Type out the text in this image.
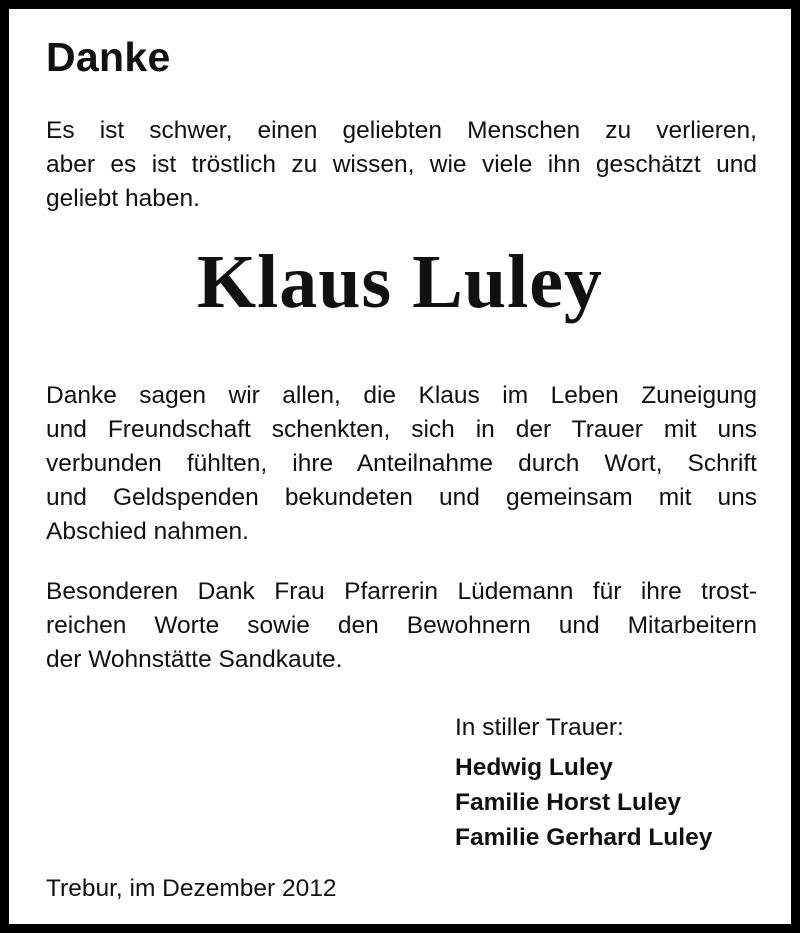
Danke

Es ist schwer, einen geliebten Menschen zu verlieren,
aber es ist tröstlich zu wissen, wie viele ihn geschätzt und
geliebt haben.

Klaus Luley

Danke sagen wir allen, die Klaus im Leben Zuneigung
und Freundschaft schenkten, sich in der Trauer mit uns
verbunden fühlten, ihre Anteilnahme durch Wort, Schrift
und Geldspenden bekundeten und gemeinsam mit uns
Abschied nahmen.

Besonderen Dank Frau Pfarrerin Lüdemann für ihre trost-
reichen Worte sowie den Bewohnern und Mitarbeitern
der Wohnstätte Sandkaute.

In stiller Trauer:

Hedwig Luley
Familie Horst Luley
Familie Gerhard Luley

Trebur, im Dezember 2012
